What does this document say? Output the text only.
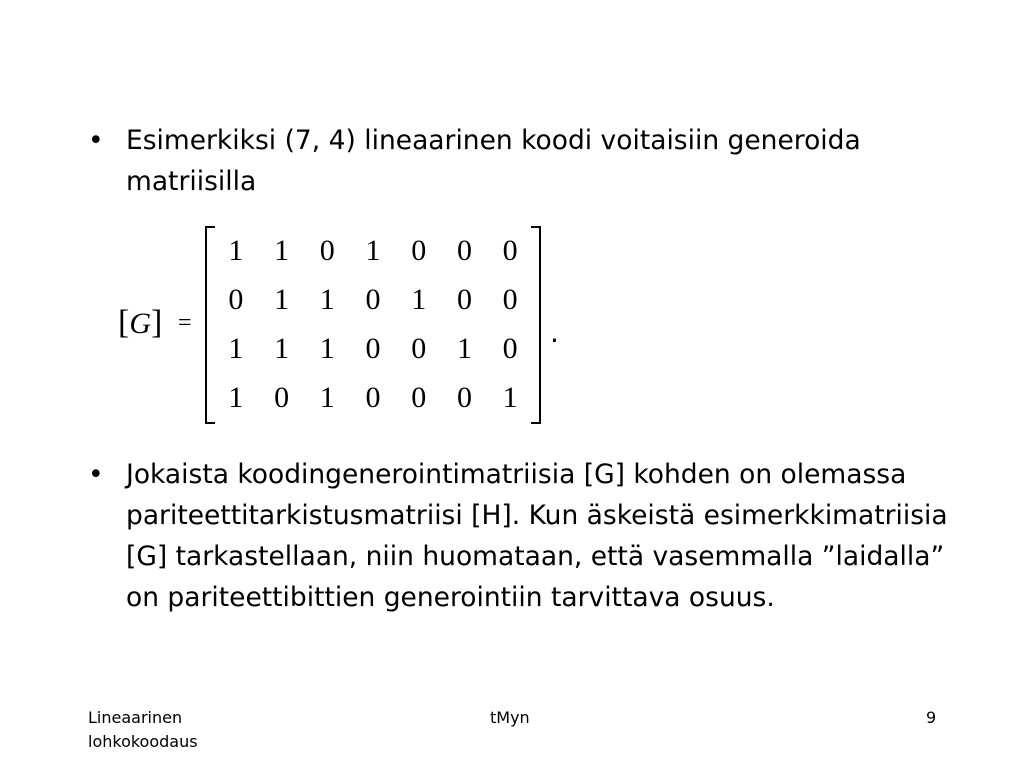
• Esimerkiksi (7, 4) lineaarinen koodi voitaisiin generoida matriisilla
[G] =
1	1	0	1	0	0	0
0	1	1	0	1	0	0
1	1	1	0	0	1	0
1	0	1	0	0	0	1
.
• Jokaista koodingenerointimatriisia [G] kohden on olemassa pariteettitarkistusmatriisi [H]. Kun äskeistä esimerkkimatriisia [G] tarkastellaan, niin huomataan, että vasemmalla ”laidalla” on pariteettibittien generointiin tarvittava osuus.
Lineaarinen lohkokoodaus
tMyn	9
